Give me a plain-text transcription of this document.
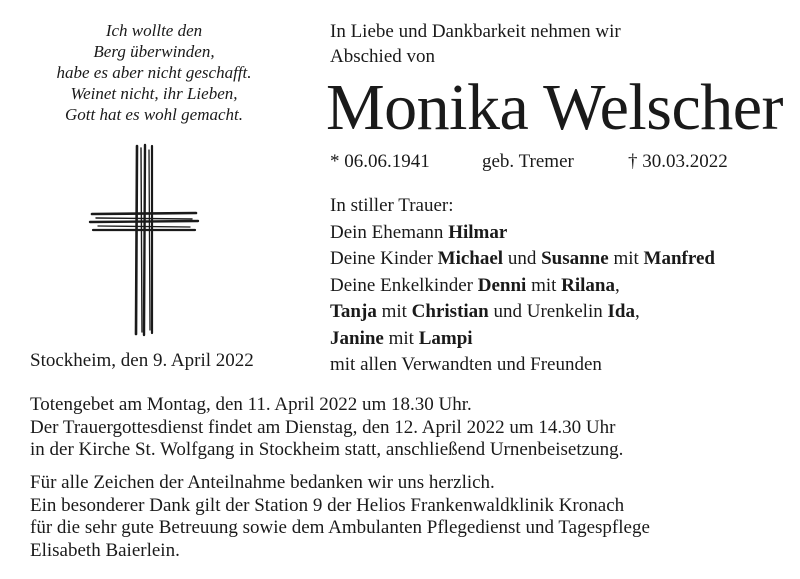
Ich wollte den
Berg überwinden,
habe es aber nicht geschafft.
Weinet nicht, ihr Lieben,
Gott hat es wohl gemacht.
Stockheim, den 9. April 2022
In Liebe und Dankbarkeit nehmen wir
Abschied von
Monika Welscher
* 06.06.1941	geb. Tremer	† 30.03.2022
In stiller Trauer:
Dein Ehemann Hilmar
Deine Kinder Michael und Susanne mit Manfred
Deine Enkelkinder Denni mit Rilana,
Tanja mit Christian und Urenkelin Ida,
Janine mit Lampi
mit allen Verwandten und Freunden
Totengebet am Montag, den 11. April 2022 um 18.30 Uhr.
Der Trauergottesdienst findet am Dienstag, den 12. April 2022 um 14.30 Uhr
in der Kirche St. Wolfgang in Stockheim statt, anschließend Urnenbeisetzung.
Für alle Zeichen der Anteilnahme bedanken wir uns herzlich.
Ein besonderer Dank gilt der Station 9 der Helios Frankenwaldklinik Kronach
für die sehr gute Betreuung sowie dem Ambulanten Pflegedienst und Tagespflege
Elisabeth Baierlein.
